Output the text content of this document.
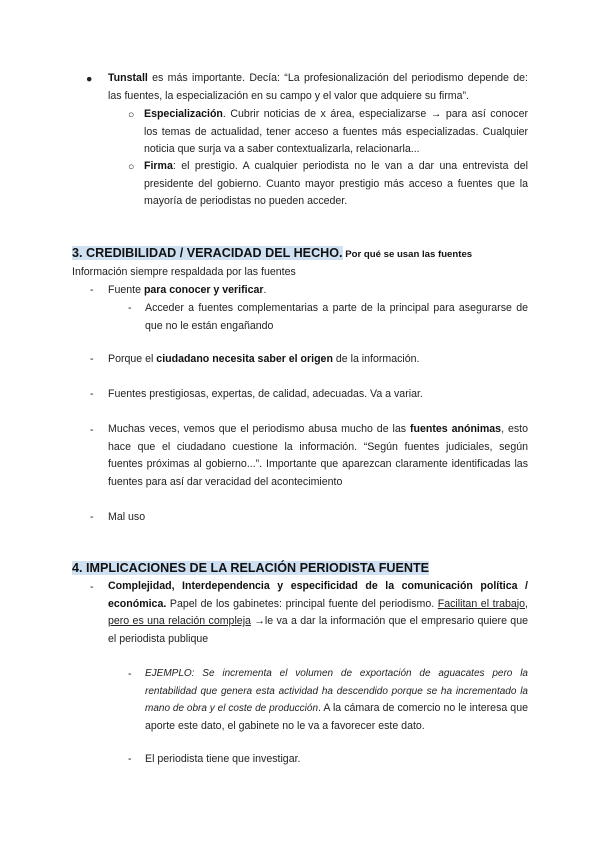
● Tunstall es más importante. Decía: “La profesionalización del periodismo depende de: las fuentes, la especialización en su campo y el valor que adquiere su firma”.
○ Especialización. Cubrir noticias de x área, especializarse → para así conocer los temas de actualidad, tener acceso a fuentes más especializadas. Cualquier noticia que surja va a saber contextualizarla, relacionarla...
○ Firma: el prestigio. A cualquier periodista no le van a dar una entrevista del presidente del gobierno. Cuanto mayor prestigio más acceso a fuentes que la mayoría de periodistas no pueden acceder.
3. CREDIBILIDAD / VERACIDAD DEL HECHO. Por qué se usan las fuentes
Información siempre respaldada por las fuentes
- Fuente para conocer y verificar.
- Acceder a fuentes complementarias a parte de la principal para asegurarse de que no le están engañando
- Porque el ciudadano necesita saber el origen de la información.
- Fuentes prestigiosas, expertas, de calidad, adecuadas. Va a variar.
- Muchas veces, vemos que el periodismo abusa mucho de las fuentes anónimas, esto hace que el ciudadano cuestione la información. “Según fuentes judiciales, según fuentes próximas al gobierno...”. Importante que aparezcan claramente identificadas las fuentes para así dar veracidad del acontecimiento
- Mal uso
4. IMPLICACIONES DE LA RELACIÓN PERIODISTA FUENTE
- Complejidad, Interdependencia y especificidad de la comunicación política / económica. Papel de los gabinetes: principal fuente del periodismo. Facilitan el trabajo, pero es una relación compleja →le va a dar la información que el empresario quiere que el periodista publique
- EJEMPLO: Se incrementa el volumen de exportación de aguacates pero la rentabilidad que genera esta actividad ha descendido porque se ha incrementado la mano de obra y el coste de producción. A la cámara de comercio no le interesa que aporte este dato, el gabinete no le va a favorecer este dato.
- El periodista tiene que investigar.
